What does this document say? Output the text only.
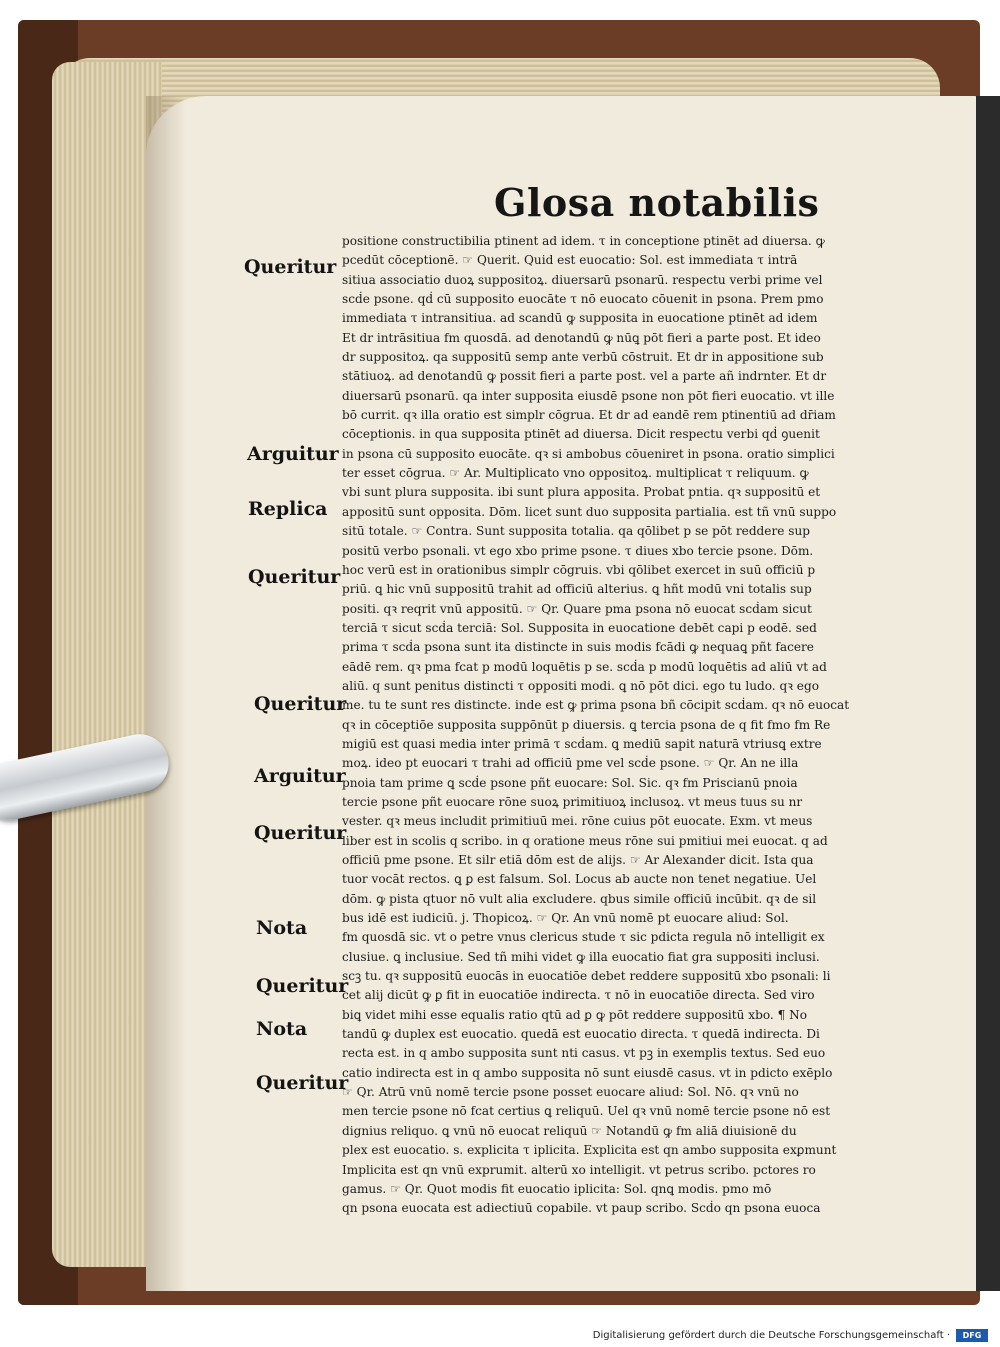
Glosa notabilis
Queritur
Arguitur
Replica
Queritur
Queritur
Arguitur
Queritur
Nota
Queritur
Nota
Queritur
positione constructibilia ptinent ad idem. τ in conceptione ptinēt ad diuersa. ꝙ
pcedūt cōceptionē. ☞ Querit. Quid est euocatio: Sol. est immediata τ intrā
sitiua associatio duoꝝ suppositoꝝ. diuersarū psonarū. respectu verbi prime vel
scḋe psone. qḋ cū supposito euocāte τ nō euocato cōuenit in psona. Prem pmo
immediata τ intransitiua. ad scandū ꝙ supposita in euocatione ptinēt ad idem
Et dr intrāsitiua fm quosdā. ad denotandū ꝙ nūꝗ pōt fieri a parte post. Et ideo
dr suppositoꝝ. qa suppositū semp ante verbū cōstruit. Et dr in appositione sub
stātiuoꝝ. ad denotandū ꝙ possit fieri a parte post. vel a parte añ indrnter. Et dr
diuersarū psonarū. qa inter supposita eiusdē psone non pōt fieri euocatio. vt ille
bō currit. qꝛ illa oratio est simplr cōgrua. Et dr ad eandē rem ptinentiū ad dr̄iam
cōceptionis. in qua supposita ptinēt ad diuersa. Dicit respectu verbi qḋ ꝯuenit
in psona cū supposito euocāte. qꝛ si ambobus cōueniret in psona. oratio simplici
ter esset cōgrua. ☞ Ar. Multiplicato vno oppositoꝝ. multiplicat τ reliquum. ꝙ
vbi sunt plura supposita. ibi sunt plura apposita. Probat pntia. qꝛ suppositū et
appositū sunt opposita. Dōm. licet sunt duo supposita partialia. est tñ vnū suppo
sitū totale. ☞ Contra. Sunt supposita totalia. qa qōlibet p se pōt reddere sup
positū verbo psonali. vt ego xbo prime psone. τ diues xbo tercie psone. Dōm.
hoc verū est in orationibus simplr cōgruis. vbi qōlibet exercet in suū officiū p
priū. ꝗ hic vnū suppositū trahit ad officiū alterius. ꝗ hñt modū vni totalis sup
positi. qꝛ reqrit vnū appositū. ☞ Qr. Quare pma psona nō euocat scḋam sicut
terciā τ sicut scḋa terciā: Sol. Supposita in euocatione debēt capi p eodē. sed
prima τ scḋa psona sunt ita distincte in suis modis fcādi ꝙ nequaꝗ pñt facere
eādē rem. qꝛ pma fcat p modū loquētis p se. scḋa p modū loquētis ad aliū vt ad
aliū. q sunt penitus distincti τ oppositi modi. ꝗ nō pōt dici. ego tu ludo. qꝛ ego
me. tu te sunt res distincte. inde est ꝙ prima psona bñ cōcipit scḋam. qꝛ nō euocat
qꝛ in cōceptiōe supposita suppōnūt p diuersis. ꝗ tercia psona de q fit fmo fm Re
migiū est quasi media inter primā τ scḋam. ꝗ mediū sapit naturā vtriusꝗ extre
moꝝ. ideo pt euocari τ trahi ad officiū pme vel scḋe psone. ☞ Qr. An ne illa
pnoia tam prime ꝗ scḋe psone pñt euocare: Sol. Sic. qꝛ fm Priscianū pnoia
tercie psone pñt euocare rōne suoꝝ primitiuoꝝ inclusoꝝ. vt meus tuus su nr
vester. qꝛ meus includit primitiuū mei. rōne cuius pōt euocate. Exm. vt meus
liber est in scolis q scribo. in q oratione meus rōne sui pmitiui mei euocat. q ad
officiū pme psone. Et silr etiā dōm est de alijs. ☞ Ar Alexander dicit. Ista qua
tuor vocāt rectos. ꝗ ꝑ est falsum. Sol. Locus ab aucte non tenet negatiue. Uel
dōm. ꝙ pista qtuor nō vult alia excludere. qbus simile officiū incūbit. qꝛ de sil
bus idē est iudiciū. j. Thopicoꝝ. ☞ Qr. An vnū nomē pt euocare aliud: Sol.
fm quosdā sic. vt o petre vnus clericus stude τ sic pdicta regula nō intelligit ex
clusiue. ꝗ inclusiue. Sed tñ mihi videt ꝙ illa euocatio fiat gra suppositi inclusi.
scꝫ tu. qꝛ suppositū euocās in euocatiōe debet reddere suppositū xbo psonali: li
cet alij dicūt ꝙ ꝑ fit in euocatiōe indirecta. τ nō in euocatiōe directa. Sed viro
biꝗ videt mihi esse equalis ratio qtū ad ꝑ ꝙ pōt reddere suppositū xbo. ¶ No
tandū ꝙ duplex est euocatio. quedā est euocatio directa. τ quedā indirecta. Di
recta est. in q ambo supposita sunt nti casus. vt pꝫ in exemplis textus. Sed euo
catio indirecta est in q ambo supposita nō sunt eiusdē casus. vt in pdicto exēplo
☞ Qr. Atrū vnū nomē tercie psone posset euocare aliud: Sol. Nō. qꝛ vnū no
men tercie psone nō fcat certius ꝗ reliquū. Uel qꝛ vnū nomē tercie psone nō est
dignius reliquo. ꝗ vnū nō euocat reliquū ☞ Notandū ꝙ fm aliā diuisionē du
plex est euocatio. s. explicita τ iplicita. Explicita est qn ambo supposita exꝑmunt
Implicita est qn vnū exprumit. alterū xo intelligit. vt petrus scribo. pctores ro
gamus. ☞ Qr. Quot modis fit euocatio iplicita: Sol. qnꝗ modis. pmo mō
qn psona euocata est adiectiuū copabile. vt paup scribo. Scḋo qn psona euoca
Digitalisierung gefördert durch die Deutsche Forschungsgemeinschaft ·	DFG
